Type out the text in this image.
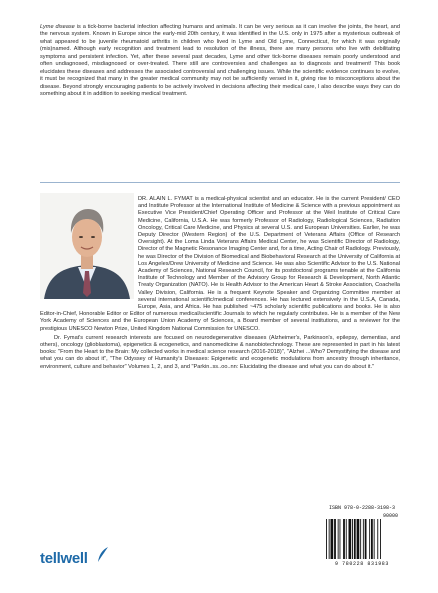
Lyme disease is a tick-borne bacterial infection affecting humans and animals. It can be very serious as it can involve the joints, the heart, and the nervous system. Known in Europe since the early-mid 20th century, it was identified in the U.S. only in 1975 after a mysterious outbreak of what appeared to be juvenile rheumatoid arthritis in children who lived in Lyme and Old Lyme, Connecticut, for which it was originally (mis)named. Although early recognition and treatment lead to resolution of the illness, there are many persons who live with debilitating symptoms and persistent infection. Yet, after these several past decades, Lyme and other tick-borne diseases remain poorly understood and often undiagnosed, misdiagnosed or over-treated. There still are controversies and challenges as to diagnosis and treatment! This book elucidates these diseases and addresses the associated controversial and challenging issues. While the scientific evidence continues to evolve, it must be recognized that many in the greater medical community may not be sufficiently versed in it, giving rise to misconceptions about the disease. Beyond strongly encouraging patients to be actively involved in decisions affecting their medical care, I also describe ways they can do something about it in addition to seeking medical treatment.

DR. ALAIN L. FYMAT is a medical-physical scientist and an educator. He is the current President/ CEO and Institute Professor at the International Institute of Medicine & Science with a previous appointment as Executive Vice President/Chief Operating Officer and Professor at the Weil Institute of Critical Care Medicine, California, U.S.A. He was formerly Professor of Radiology, Radiological Sciences, Radiation Oncology, Critical Care Medicine, and Physics at several U.S. and European Universities. Earlier, he was Deputy Director (Western Region) of the U.S. Department of Veterans Affairs (Office of Research Oversight). At the Loma Linda Veterans Affairs Medical Center, he was Scientific Director of Radiology, Director of the Magnetic Resonance Imaging Center and, for a time, Acting Chair of Radiology. Previously, he was Director of the Division of Biomedical and Biobehavioral Research at the University of California at Los Angeles/Drew University of Medicine and Science. He was also Scientific Advisor to the U.S. National Academy of Sciences, National Research Council, for its postdoctoral programs tenable at the California Institute of Technology and Member of the Advisory Group for Research & Development, North Atlantic Treaty Organization (NATO). He is Health Advisor to the American Heart & Stroke Association, Coachella Valley Division, California. He is a frequent Keynote Speaker and Organizing Committee member at several international scientific/medical conferences. He has lectured extensively in the U.S.A, Canada, Europe, Asia, and Africa. He has published ~475 scholarly scientific publications and books. He is also Editor-in-Chief, Honorable Editor or Editor of numerous medical/scientific Journals to which he regularly contributes. He is a member of the New York Academy of Sciences and the European Union Academy of Sciences, a Board member of several institutions, and a reviewer for the prestigious UNESCO Newton Prize, United Kingdom National Commission for UNESCO.

Dr. Fymat's current research interests are focused on neurodegenerative diseases (Alzheimer's, Parkinson's, epilepsy, dementias, and others), oncology (glioblastoma), epigenetics & ecogenetics, and nanomedicine & nanobiotechnology. These are represented in part in his latest books: "From the Heart to the Brain: My collected works in medical science research (2016-2018)", "Alzhei ...Who? Demystifying the disease and what you can do about it", "The Odyssey of Humanity's Diseases: Epigenetic and ecogenetic modulations from ancestry through inheritance, environment, culture and behavior" Volumes 1, 2, and 3, and "Parkin..ss..oo..nn: Elucidating the disease and what you can do about it."

tellwell
ISBN 978-0-2288-3198-3
90000
9 780228 831983
